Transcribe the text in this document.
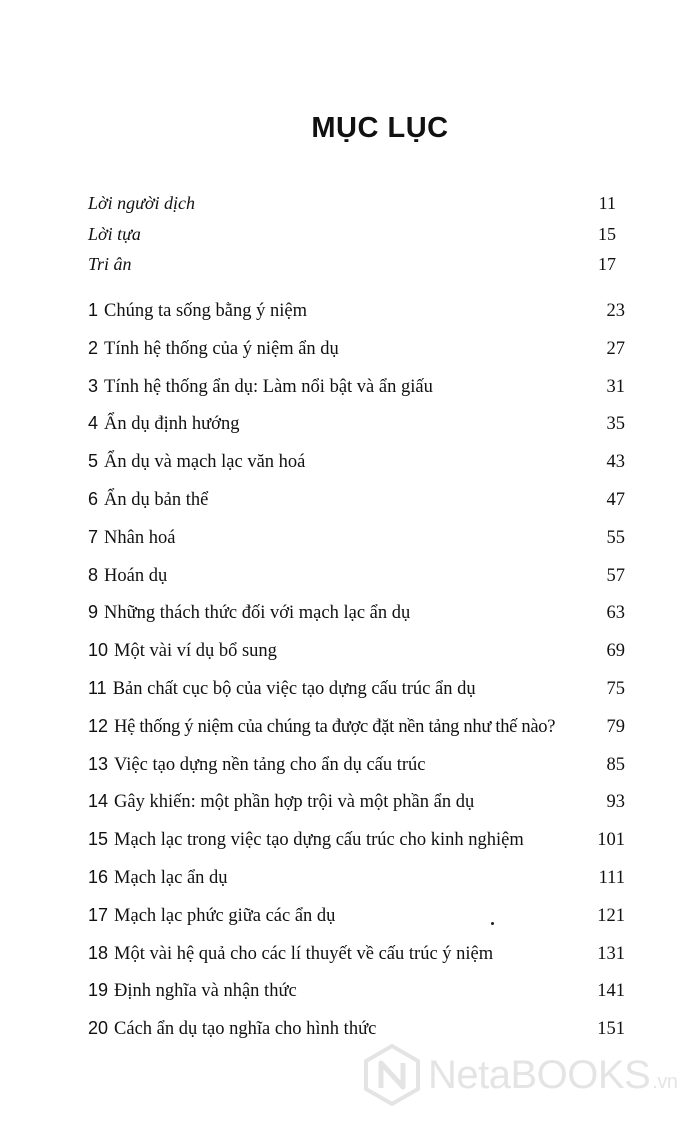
MỤC LỤC
Lời người dịch	11
Lời tựa	15
Tri ân	17
1 Chúng ta sống bằng ý niệm	23
2 Tính hệ thống của ý niệm ẩn dụ	27
3 Tính hệ thống ẩn dụ: Làm nổi bật và ẩn giấu	31
4 Ẩn dụ định hướng	35
5 Ẩn dụ và mạch lạc văn hoá	43
6 Ẩn dụ bản thể	47
7 Nhân hoá	55
8 Hoán dụ	57
9 Những thách thức đối với mạch lạc ẩn dụ	63
10 Một vài ví dụ bổ sung	69
11 Bản chất cục bộ của việc tạo dựng cấu trúc ẩn dụ	75
12 Hệ thống ý niệm của chúng ta được đặt nền tảng như thế nào?	79
13 Việc tạo dựng nền tảng cho ẩn dụ cấu trúc	85
14 Gây khiến: một phần hợp trội và một phần ẩn dụ	93
15 Mạch lạc trong việc tạo dựng cấu trúc cho kinh nghiệm	101
16 Mạch lạc ẩn dụ	111
17 Mạch lạc phức giữa các ẩn dụ	121
18 Một vài hệ quả cho các lí thuyết về cấu trúc ý niệm	131
19 Định nghĩa và nhận thức	141
20 Cách ẩn dụ tạo nghĩa cho hình thức	151
NetaBOOKS .vn
